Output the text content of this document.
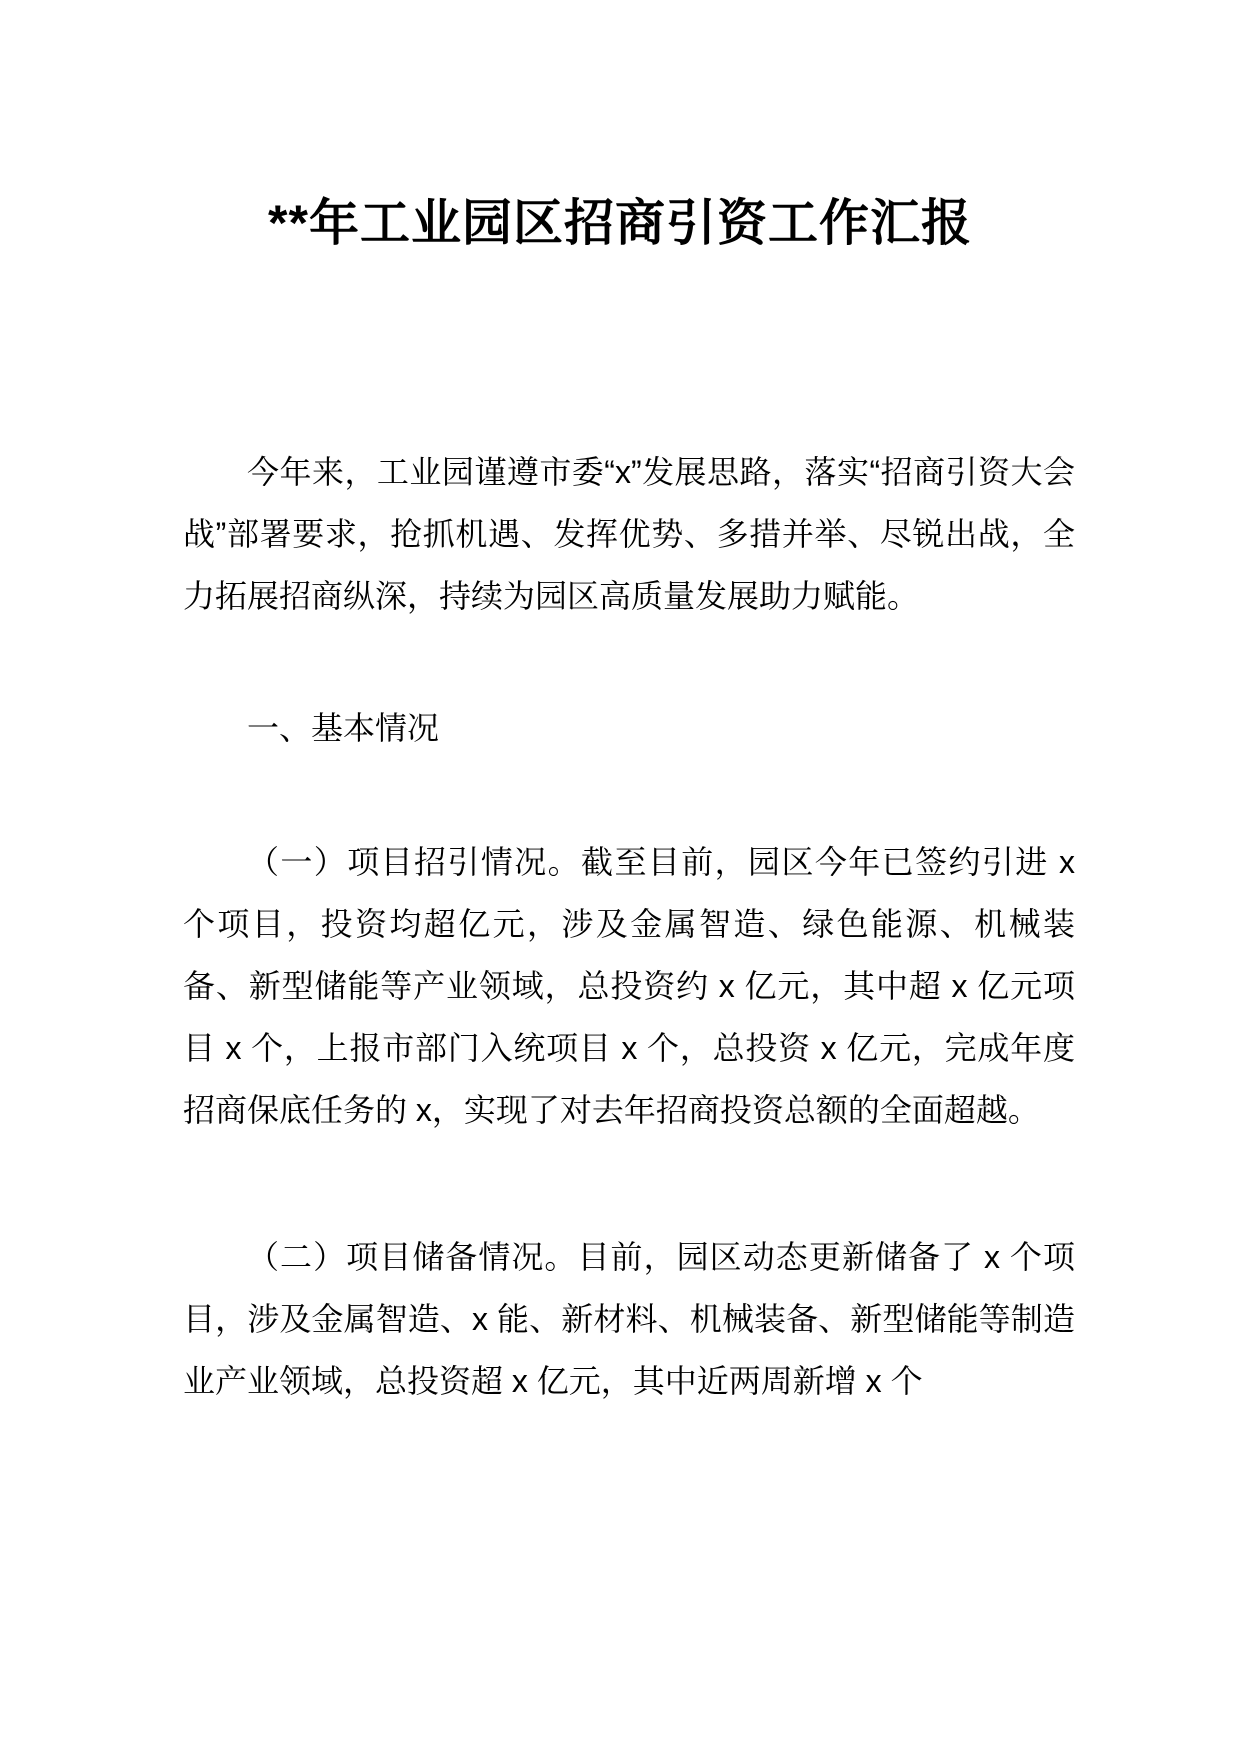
**年工业园区招商引资工作汇报

今年来，工业园谨遵市委“x”发展思路，落实“招商引资大会战”部署要求，抢抓机遇、发挥优势、多措并举、尽锐出战，全力拓展招商纵深，持续为园区高质量发展助力赋能。

一、基本情况

（一）项目招引情况。截至目前，园区今年已签约引进 x 个项目，投资均超亿元，涉及金属智造、绿色能源、机械装备、新型储能等产业领域，总投资约 x 亿元，其中超 x 亿元项目 x 个，上报市部门入统项目 x 个，总投资 x 亿元，完成年度招商保底任务的 x，实现了对去年招商投资总额的全面超越。

（二）项目储备情况。目前，园区动态更新储备了 x 个项目，涉及金属智造、x 能、新材料、机械装备、新型储能等制造业产业领域，总投资超 x 亿元，其中近两周新增 x 个
